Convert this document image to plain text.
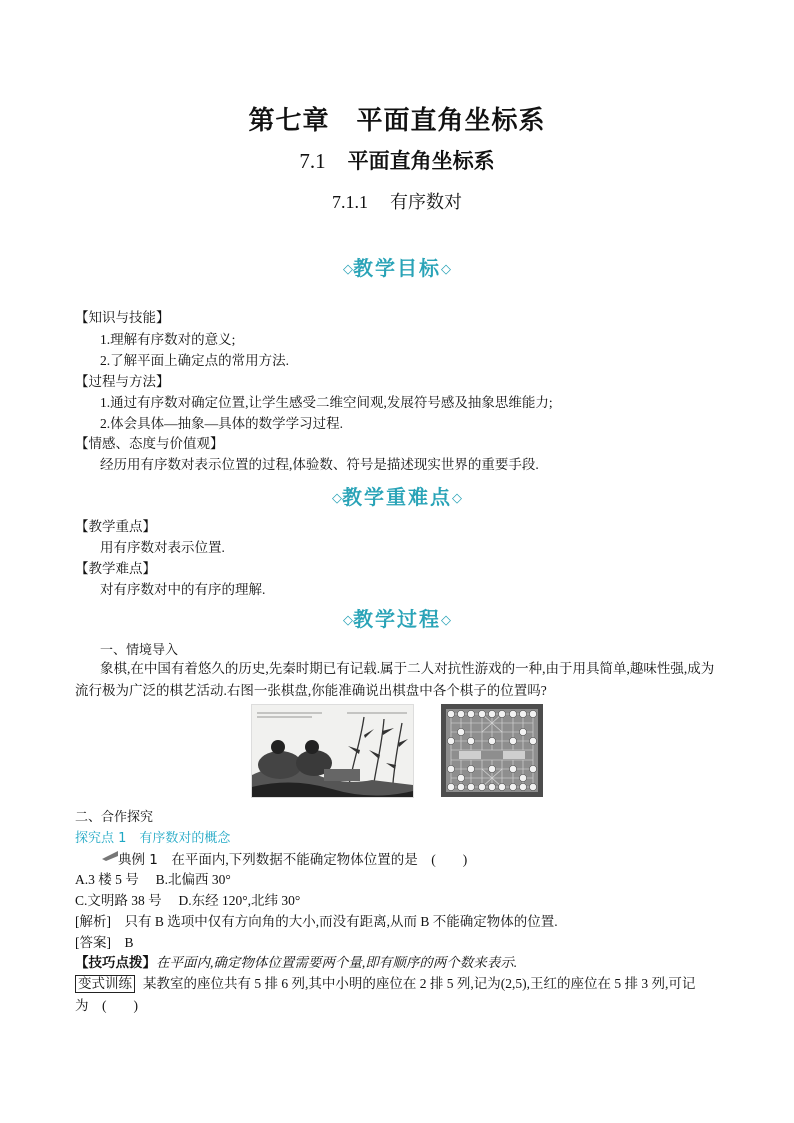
第七章　平面直角坐标系
7.1 平面直角坐标系
7.1.1 有序数对
◇教学目标◇
【知识与技能】
1.理解有序数对的意义;
2.了解平面上确定点的常用方法.
【过程与方法】
1.通过有序数对确定位置,让学生感受二维空间观,发展符号感及抽象思维能力;
2.体会具体—抽象—具体的数学学习过程.
【情感、态度与价值观】
经历用有序数对表示位置的过程,体验数、符号是描述现实世界的重要手段.
◇教学重难点◇
【教学重点】
用有序数对表示位置.
【教学难点】
对有序数对中的有序的理解.
◇教学过程◇
一、情境导入
象棋,在中国有着悠久的历史,先秦时期已有记载.属于二人对抗性游戏的一种,由于用具简单,趣味性强,成为流行极为广泛的棋艺活动.右图一张棋盘,你能准确说出棋盘中各个棋子的位置吗?
二、合作探究
探究点 1　有序数对的概念
典例 1　 在平面内,下列数据不能确定物体位置的是　(　　)
A.3 楼 5 号　 B.北偏西 30°
C.文明路 38 号　 D.东经 120°,北纬 30°
[解析]　只有 B 选项中仅有方向角的大小,而没有距离,从而 B 不能确定物体的位置.
[答案]　B
【技巧点拨】在平面内,确定物体位置需要两个量,即有顺序的两个数来表示.
变式训练 某教室的座位共有 5 排 6 列,其中小明的座位在 2 排 5 列,记为(2,5),王红的座位在 5 排 3 列,可记
为　(　　)
